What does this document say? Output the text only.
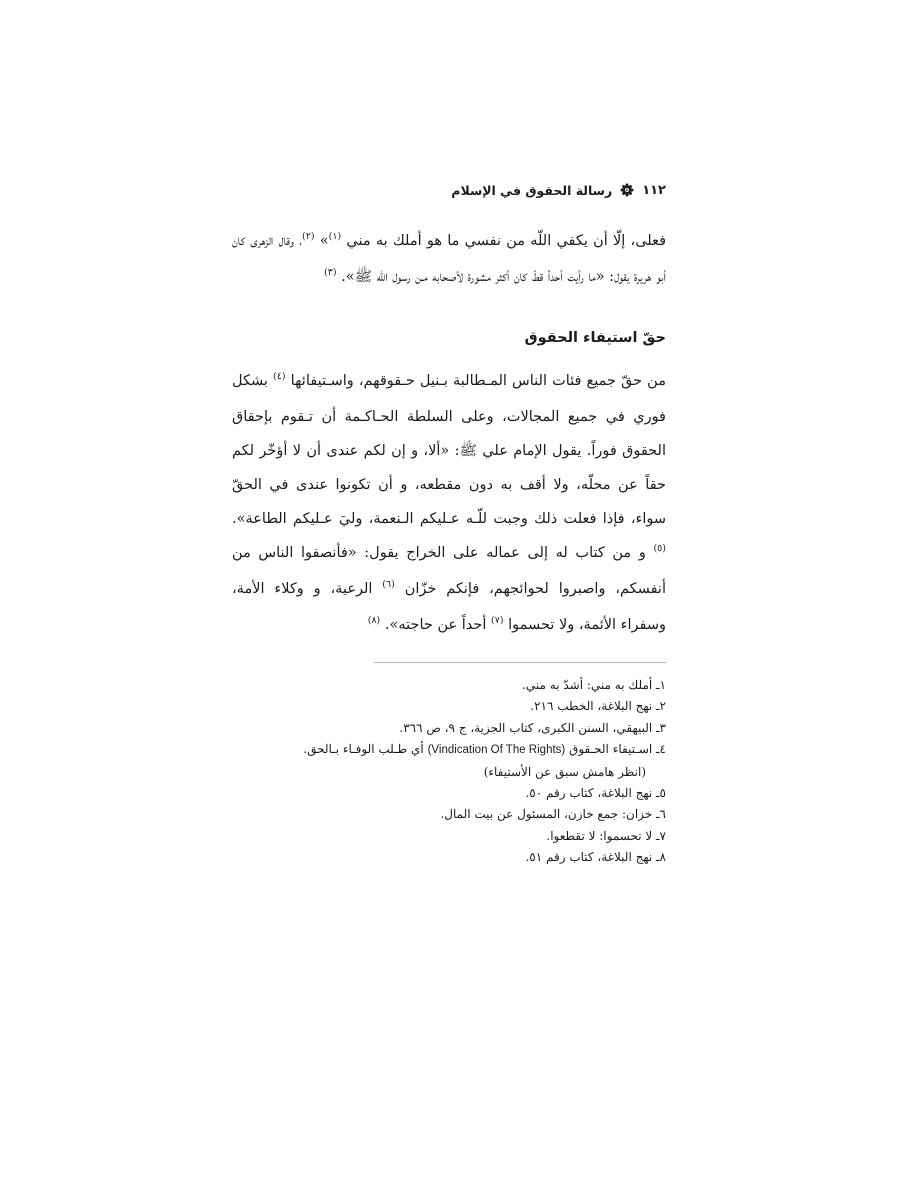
١١٢
رسالة الحقوق في الإسلام

فعلى، إلّا أن يكفي اللّه من نفسي ما هو أملك به مني $^{(١)}$» $^{(٢)}$، وقال الزهرى كان أبو هريرة يقول: «ما رأيت أحداً قطّ كان أكثر مشورة لأصحابه مـن رسول اللّه ﷺ». $^{(٣)}$

حقّ استيفاء الحقوق

من حقّ جميع فئات الناس المـطالبة بـنيل حـقوقهم، واسـتيفائها $^{(٤)}$ بشكل فوري في جميع المجالات، وعلى السلطة الحـاكـمة أن تـقوم بإحقاق الحقوق فوراً. يقول الإمام علي ﷺ: «ألا، و إن لكم عندى أن لا أؤخّر لكم حقاً عن محلّه، ولا أقف به دون مقطعه، و أن تكونوا عندى في الحقّ سواء، فإذا فعلت ذلك وجبت للّـه عـليكم الـنعمة، وليَ عـليكم الطاعة». $^{(٥)}$ و من كتاب له إلى عماله على الخراج يقول: «فأنصفوا الناس من أنفسكم، واصبروا لحوائجهم، فإنكم خزّان $^{(٦)}$ الرعية، و وكلاء الأمة، وسفراء الأئمة، ولا تحسموا $^{(٧)}$ أحداً عن حاجته». $^{(٨)}$

١ـ أملك به مني: أشدّ به مني.
٢ـ نهج البلاغة، الخطب ٢١٦.
٣ـ البيهقي، السنن الكبرى، كتاب الجزية، ج ٩، ص ٣٦٦.
٤ـ اسـتيفاء الحـقوق (Vindication Of The Rights) أي طـلب الوفـاء بـالحق.
(انظر هامش سبق عن الأستيفاء)
٥ـ نهج البلاغة، كتاب رقم ٥٠.
٦ـ خزان: جمع خازن، المسئول عن بيت المال.
٧ـ لا تحسموا: لا تقطعوا.
٨ـ نهج البلاغة، كتاب رقم ٥١.
